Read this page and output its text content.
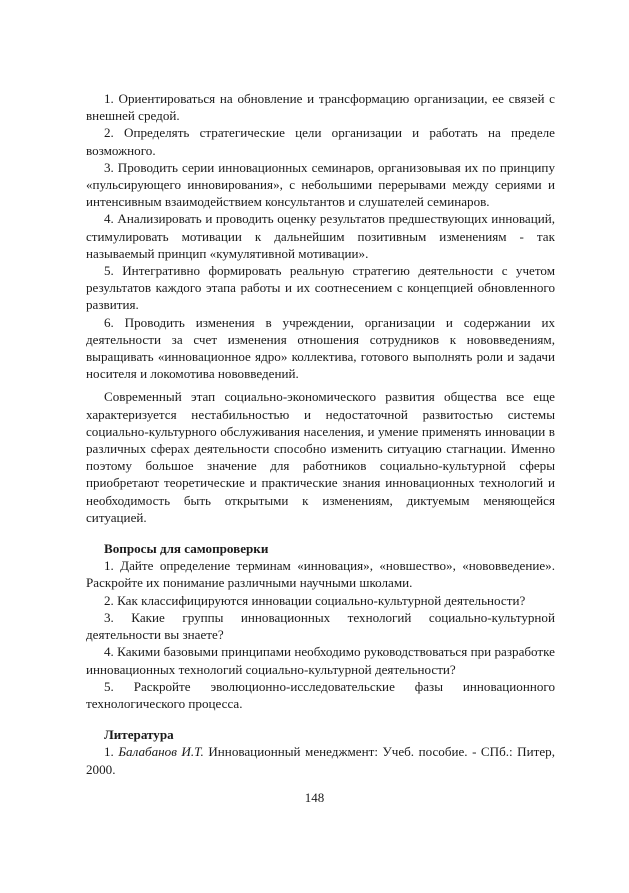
1. Ориентироваться на обновление и трансформацию организации, ее связей с внешней средой.

2. Определять стратегические цели организации и работать на пределе возможного.

3. Проводить серии инновационных семинаров, организовывая их по принципу «пульсирующего инновирования», с небольшими перерывами между сериями и интенсивным взаимодействием консультантов и слушателей семинаров.

4. Анализировать и проводить оценку результатов предшествующих инноваций, стимулировать мотивации к дальнейшим позитивным изменениям - так называемый принцип «кумулятивной мотивации».

5. Интегративно формировать реальную стратегию деятельности с учетом результатов каждого этапа работы и их соотнесением с концепцией обновленного развития.

6. Проводить изменения в учреждении, организации и содержании их деятельности за счет изменения отношения сотрудников к нововведениям, выращивать «инновационное ядро» коллектива, готового выполнять роли и задачи носителя и локомотива нововведений.

Современный этап социально-экономического развития общества все еще характеризуется нестабильностью и недостаточной развитостью системы социально-культурного обслуживания населения, и умение применять инновации в различных сферах деятельности способно изменить ситуацию стагнации. Именно поэтому большое значение для работников социально-культурной сферы приобретают теоретические и практические знания инновационных технологий и необходимость быть открытыми к изменениям, диктуемым меняющейся ситуацией.

Вопросы для самопроверки

1. Дайте определение терминам «инновация», «новшество», «нововведение». Раскройте их понимание различными научными школами.

2. Как классифицируются инновации социально-культурной деятельности?

3. Какие группы инновационных технологий социально-культурной деятельности вы знаете?

4. Какими базовыми принципами необходимо руководствоваться при разработке инновационных технологий социально-культурной деятельности?

5. Раскройте эволюционно-исследовательские фазы инновационного технологического процесса.

Литература

1. Балабанов И.Т. Инновационный менеджмент: Учеб. пособие. - СПб.: Питер, 2000.

148
